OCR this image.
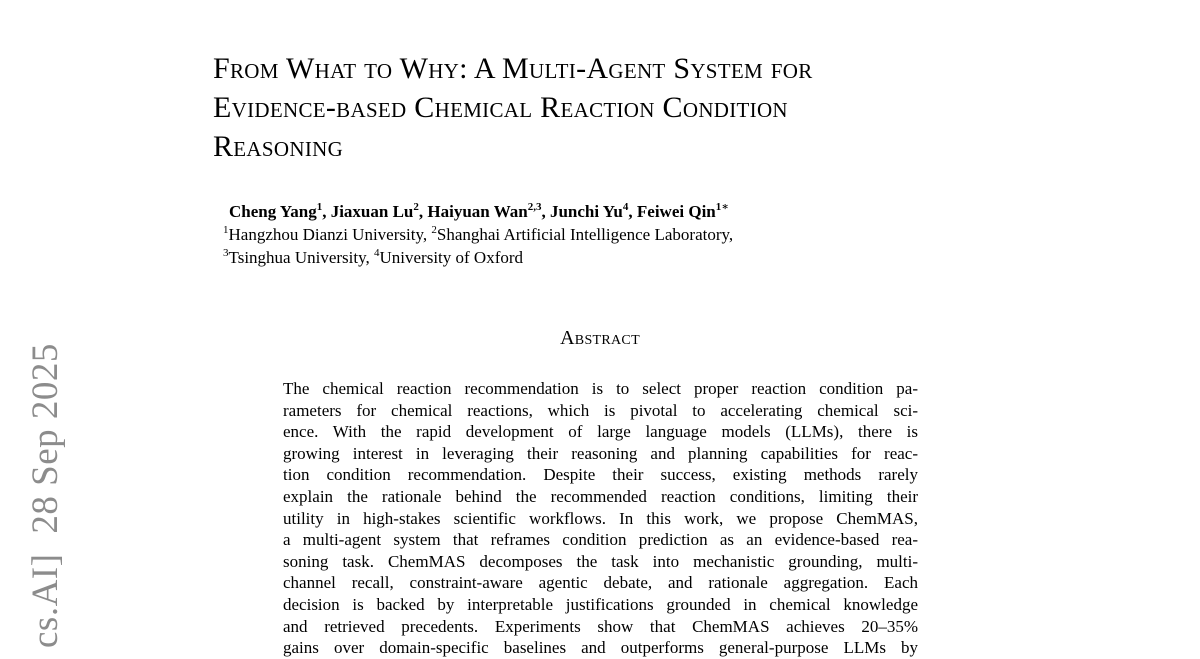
cs.AI]28 Sep 2025
From What to Why: A Multi-Agent System for
Evidence-based Chemical Reaction Condition
Reasoning
Cheng Yang$^1$, Jiaxuan Lu$^2$, Haiyuan Wan$^{2,3}$, Junchi Yu$^4$, Feiwei Qin$^{1∗}$
$^1$Hangzhou Dianzi University, $^2$Shanghai Artificial Intelligence Laboratory,
$^3$Tsinghua University, $^4$University of Oxford
Abstract
The chemical reaction recommendation is to select proper reaction condition pa-
rameters for chemical reactions, which is pivotal to accelerating chemical sci-
ence. With the rapid development of large language models (LLMs), there is
growing interest in leveraging their reasoning and planning capabilities for reac-
tion condition recommendation. Despite their success, existing methods rarely
explain the rationale behind the recommended reaction conditions, limiting their
utility in high-stakes scientific workflows. In this work, we propose ChemMAS,
a multi-agent system that reframes condition prediction as an evidence-based rea-
soning task. ChemMAS decomposes the task into mechanistic grounding, multi-
channel recall, constraint-aware agentic debate, and rationale aggregation. Each
decision is backed by interpretable justifications grounded in chemical knowledge
and retrieved precedents. Experiments show that ChemMAS achieves 20–35%
gains over domain-specific baselines and outperforms general-purpose LLMs by
